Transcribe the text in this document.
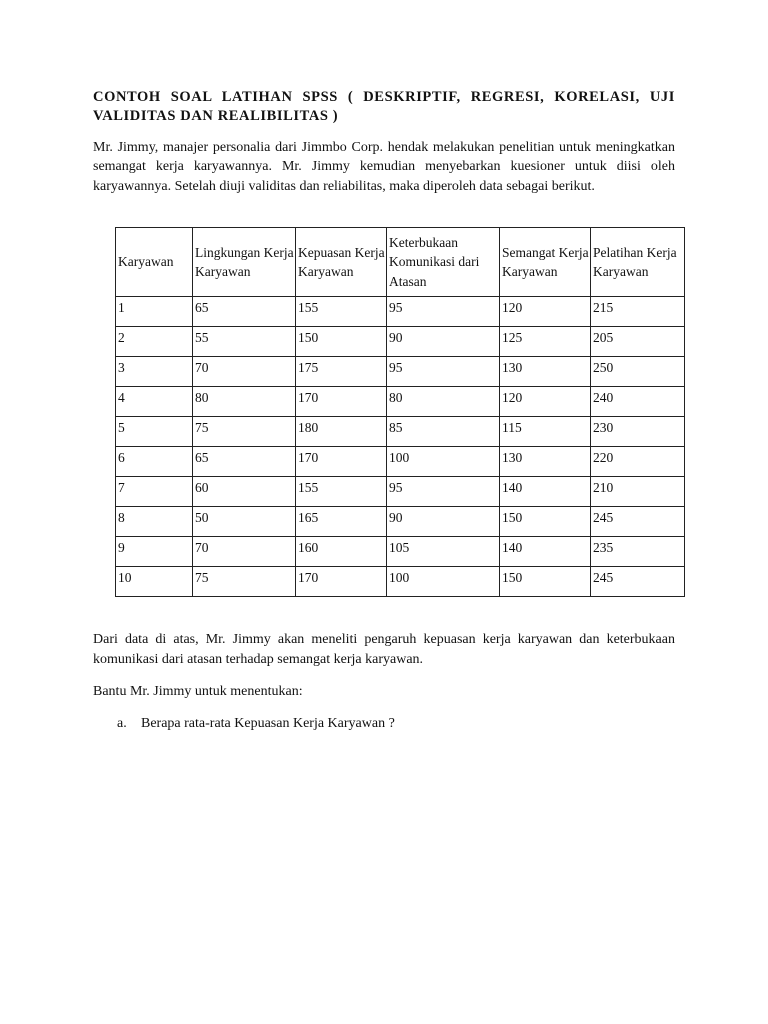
CONTOH SOAL LATIHAN SPSS ( DESKRIPTIF, REGRESI, KORELASI, UJI VALIDITAS DAN REALIBILITAS )

Mr. Jimmy, manajer personalia dari Jimmbo Corp. hendak melakukan penelitian untuk meningkatkan semangat kerja karyawannya. Mr. Jimmy kemudian menyebarkan kuesioner untuk diisi oleh karyawannya. Setelah diuji validitas dan reliabilitas, maka diperoleh data sebagai berikut.

Karyawan	Lingkungan Kerja Karyawan	Kepuasan Kerja Karyawan	Keterbukaan Komunikasi dari Atasan	Semangat Kerja Karyawan	Pelatihan Kerja Karyawan

1	65	155	95	120	215
2	55	150	90	125	205
3	70	175	95	130	250
4	80	170	80	120	240
5	75	180	85	115	230
6	65	170	100	130	220
7	60	155	95	140	210
8	50	165	90	150	245
9	70	160	105	140	235
10	75	170	100	150	245

Dari data di atas, Mr. Jimmy akan meneliti pengaruh kepuasan kerja karyawan dan keterbukaan komunikasi dari atasan terhadap semangat kerja karyawan.

Bantu Mr. Jimmy untuk menentukan:

a. Berapa rata-rata Kepuasan Kerja Karyawan ?
